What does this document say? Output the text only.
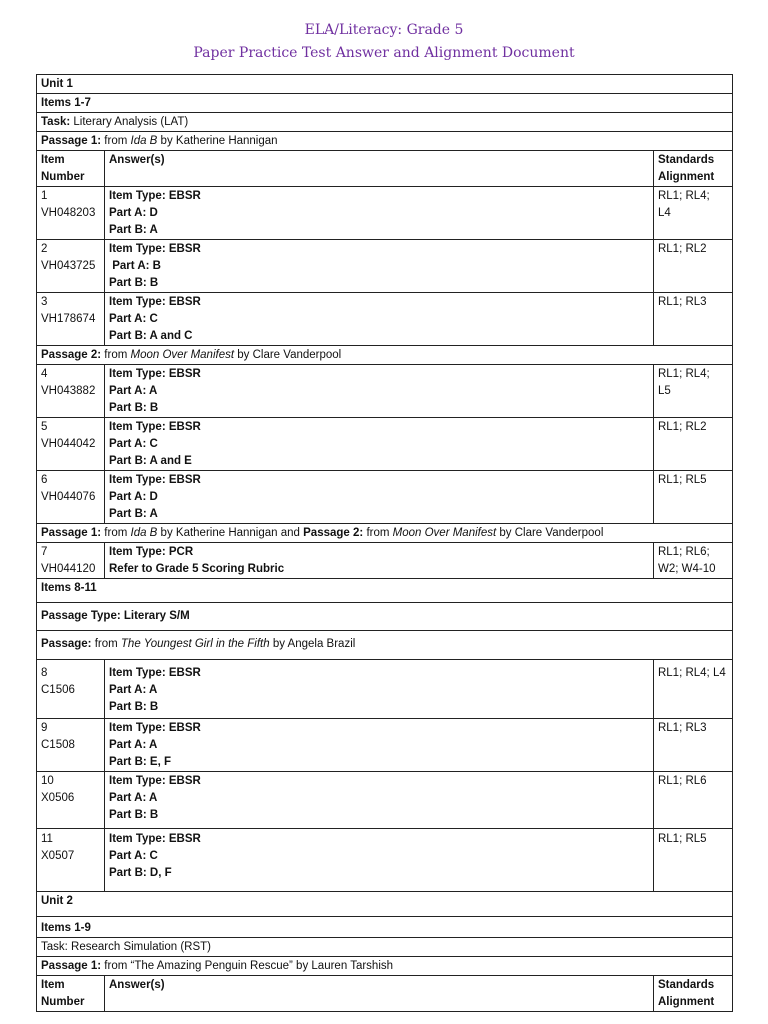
ELA/Literacy: Grade 5
Paper Practice Test Answer and Alignment Document
Unit 1		
Items 1-7		
Task: Literary Analysis (LAT)		
Passage 1: from Ida B by Katherine Hannigan		

Item
Number	Answer(s)	Standards
Alignment

1
VH048203	Item Type: EBSR
Part A: D
Part B: A	RL1; RL4;
L4

2
VH043725	Item Type: EBSR
Part A: B
Part B: B	RL1; RL2

3
VH178674	Item Type: EBSR
Part A: C
Part B: A and C	RL1; RL3

Passage 2: from Moon Over Manifest by Clare Vanderpool		

4
VH043882	Item Type: EBSR
Part A: A
Part B: B	RL1; RL4;
L5

5
VH044042	Item Type: EBSR
Part A: C
Part B: A and E	RL1; RL2

6
VH044076	Item Type: EBSR
Part A: D
Part B: A	RL1; RL5

Passage 1: from Ida B by Katherine Hannigan and Passage 2: from Moon Over Manifest by Clare Vanderpool		

7
VH044120	Item Type: PCR
Refer to Grade 5 Scoring Rubric	RL1; RL6;
W2; W4-10

Items 8-11		
Passage Type: Literary S/M		
Passage: from The Youngest Girl in the Fifth by Angela Brazil		

8
C1506	Item Type: EBSR
Part A: A
Part B: B	RL1; RL4; L4

9
C1508	Item Type: EBSR
Part A: A
Part B: E, F	RL1; RL3

10
X0506	Item Type: EBSR
Part A: A
Part B: B	RL1; RL6

11
X0507	Item Type: EBSR
Part A: C
Part B: D, F	RL1; RL5

Unit 2		
Items 1-9		
Task: Research Simulation (RST)		
Passage 1: from “The Amazing Penguin Rescue” by Lauren Tarshish		

Item
Number	Answer(s)	Standards
Alignment
